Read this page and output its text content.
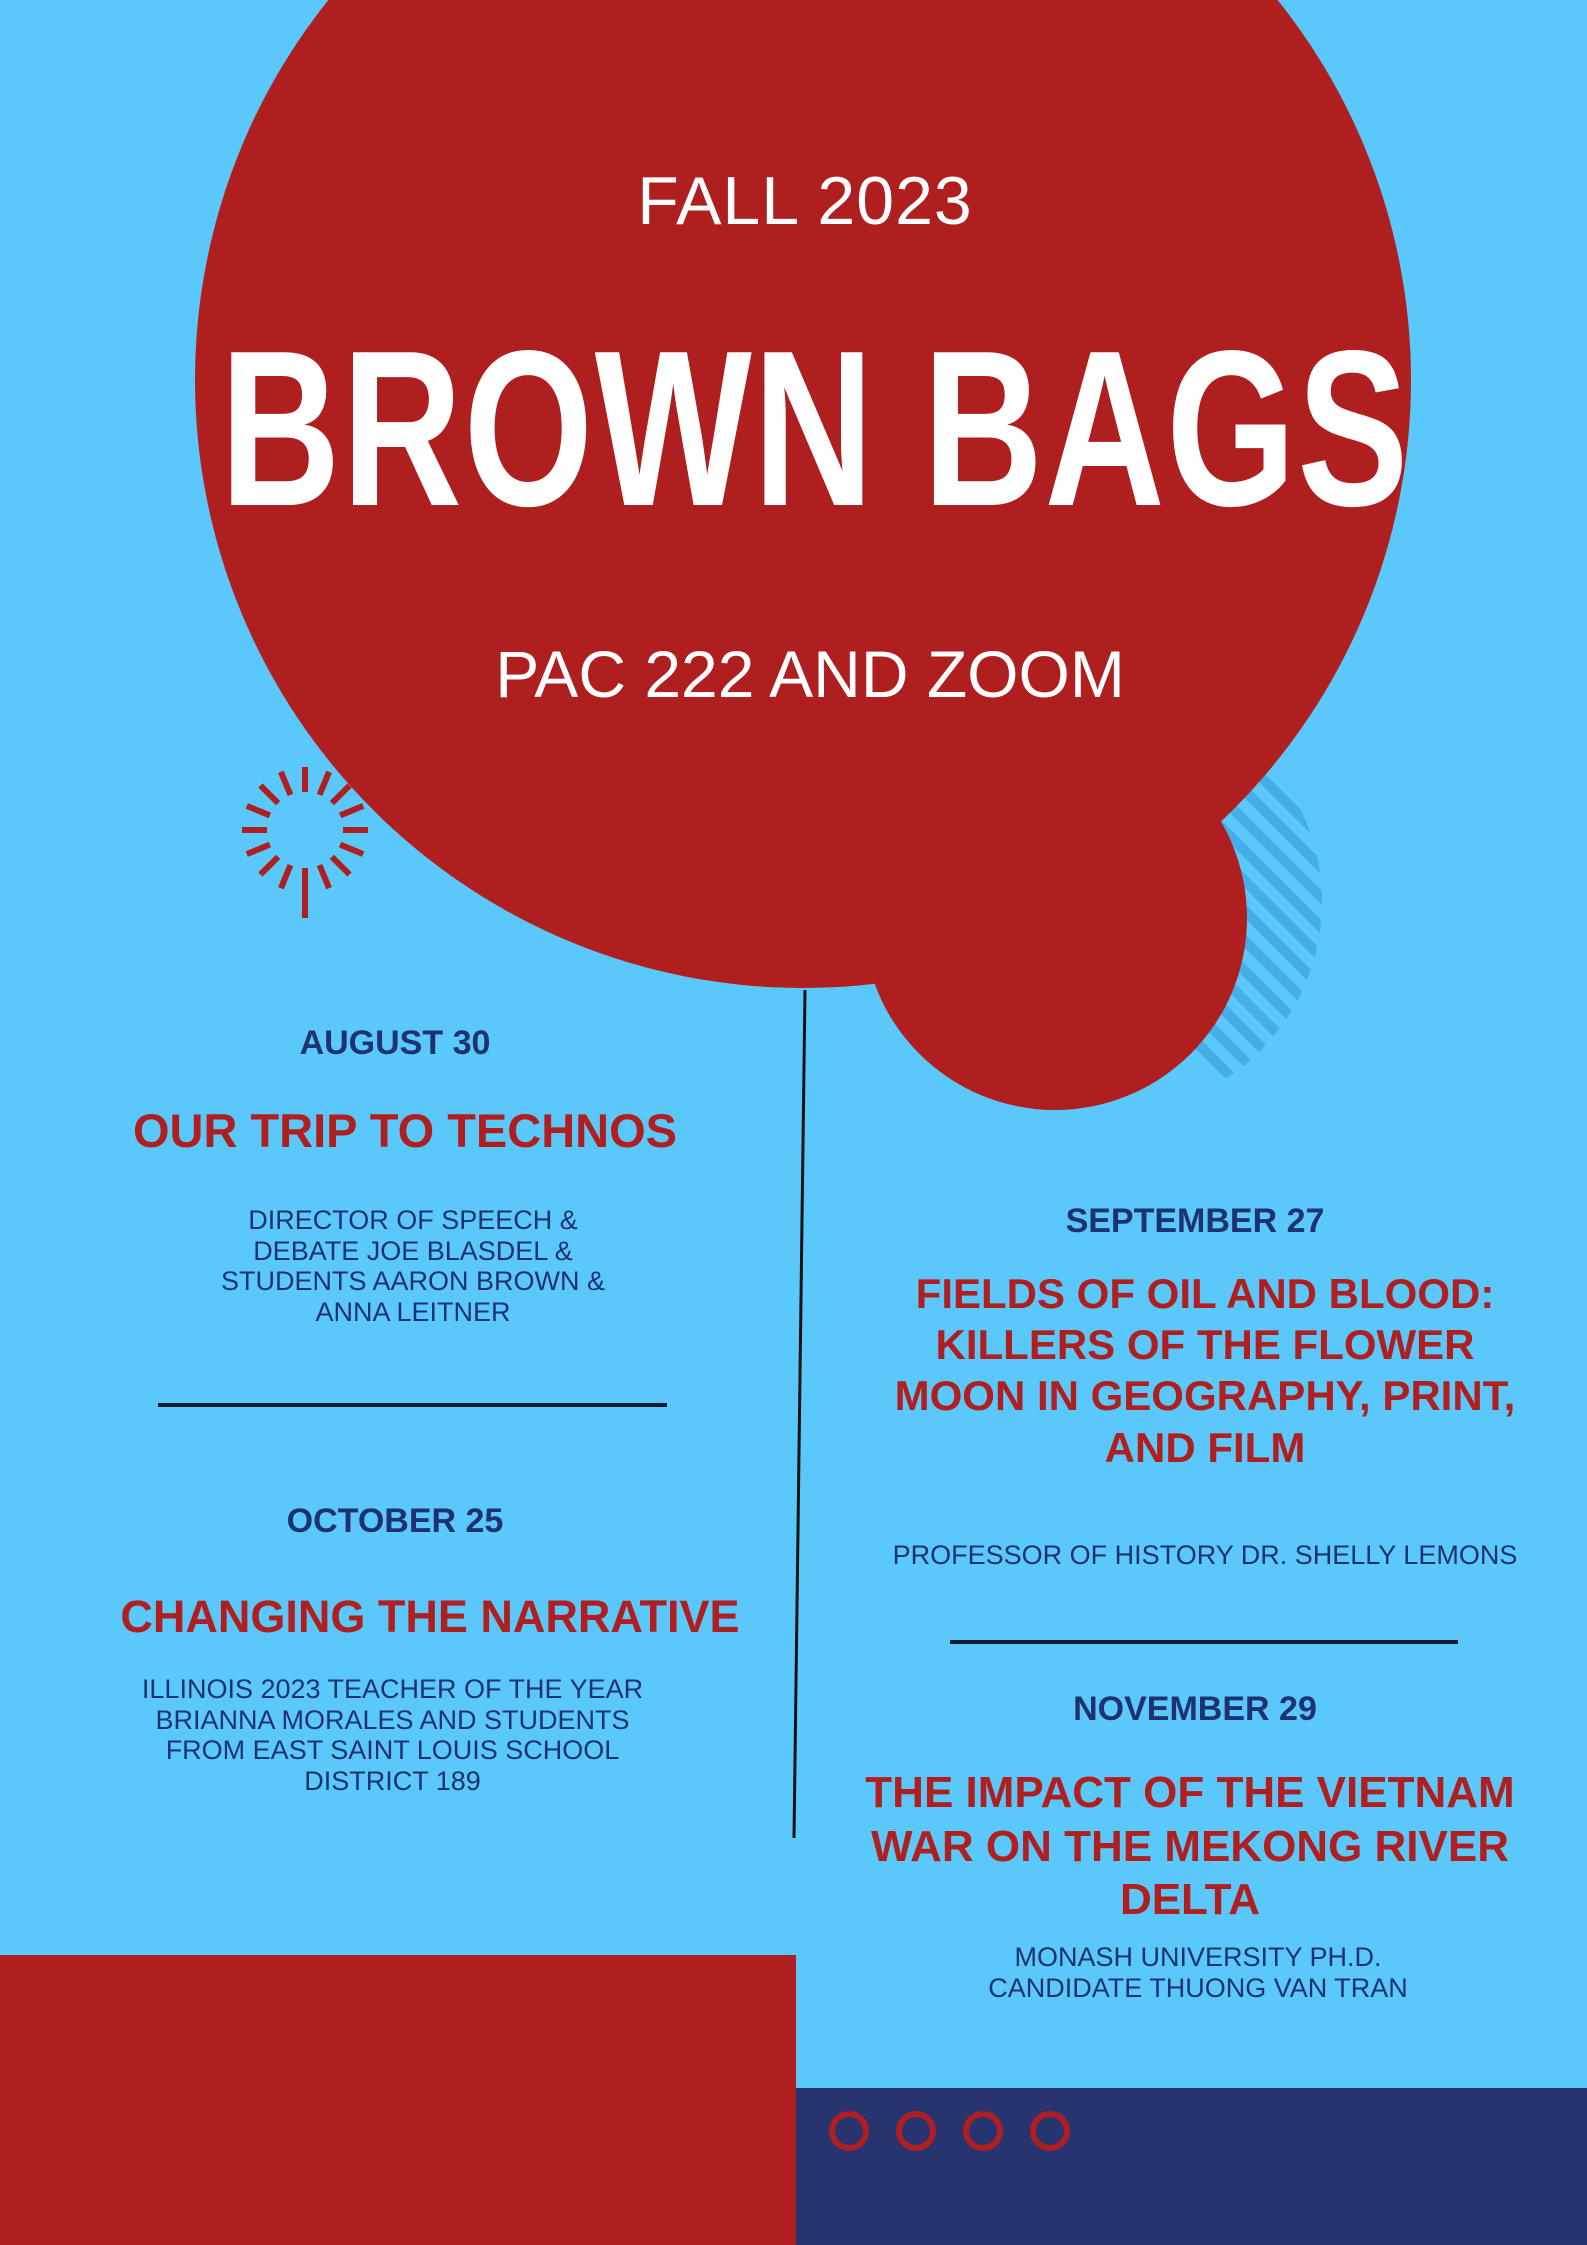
FALL 2023
BROWN BAGS
PAC 222 AND ZOOM
AUGUST 30
OUR TRIP TO TECHNOS
DIRECTOR OF SPEECH & DEBATE JOE BLASDEL & STUDENTS AARON BROWN & ANNA LEITNER
OCTOBER 25
CHANGING THE NARRATIVE
ILLINOIS 2023 TEACHER OF THE YEAR BRIANNA MORALES AND STUDENTS FROM EAST SAINT LOUIS SCHOOL DISTRICT 189
SEPTEMBER 27
FIELDS OF OIL AND BLOOD: KILLERS OF THE FLOWER MOON IN GEOGRAPHY, PRINT, AND FILM
PROFESSOR OF HISTORY DR. SHELLY LEMONS
NOVEMBER 29
THE IMPACT OF THE VIETNAM WAR ON THE MEKONG RIVER DELTA
MONASH UNIVERSITY PH.D. CANDIDATE THUONG VAN TRAN
